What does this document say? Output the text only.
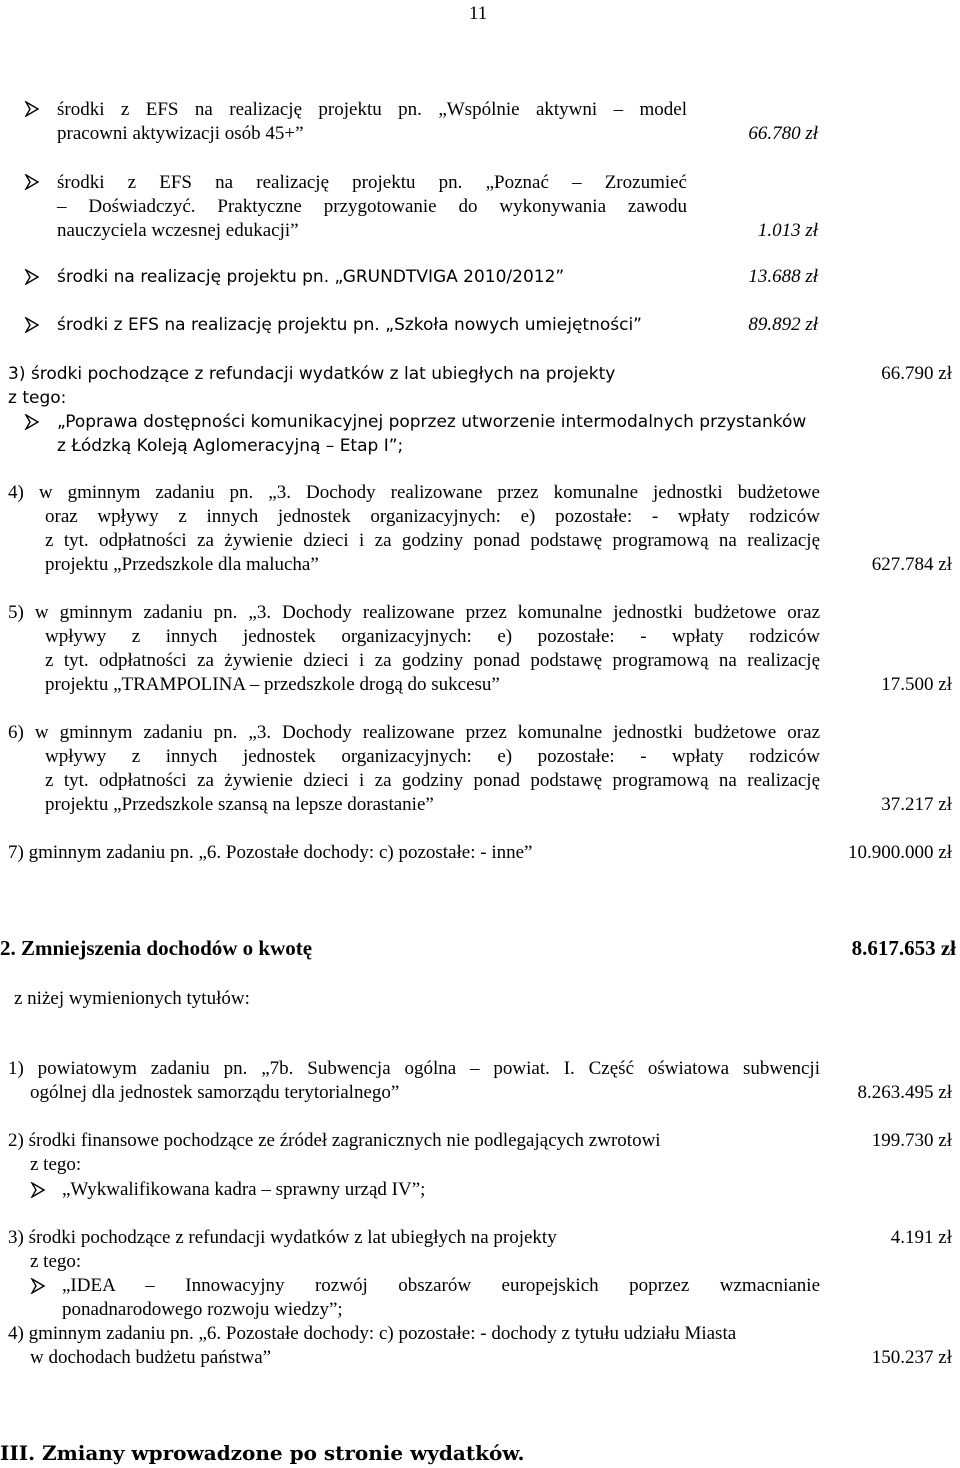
11
środki z EFS na realizację projektu pn. „Wspólnie aktywni – model
pracowni aktywizacji osób 45+”	66.780 zł
środki z EFS na realizację projektu pn. „Poznać – Zrozumieć
– Doświadczyć. Praktyczne przygotowanie do wykonywania zawodu
nauczyciela wczesnej edukacji”	1.013 zł
środki na realizację projektu pn. „GRUNDTVIGA 2010/2012”	13.688 zł
środki z EFS na realizację projektu pn. „Szkoła nowych umiejętności”	89.892 zł
3) środki pochodzące z refundacji wydatków z lat ubiegłych na projekty	66.790 zł
z tego:
„Poprawa dostępności komunikacyjnej poprzez utworzenie intermodalnych przystanków
z Łódzką Koleją Aglomeracyjną – Etap I”;
4) w gminnym zadaniu pn. „3. Dochody realizowane przez komunalne jednostki budżetowe
oraz wpływy z innych jednostek organizacyjnych: e) pozostałe: - wpłaty rodziców
z tyt. odpłatności za żywienie dzieci i za godziny ponad podstawę programową na realizację
projektu „Przedszkole dla malucha”	627.784 zł
5) w gminnym zadaniu pn. „3. Dochody realizowane przez komunalne jednostki budżetowe oraz
wpływy z innych jednostek organizacyjnych: e) pozostałe: - wpłaty rodziców
z tyt. odpłatności za żywienie dzieci i za godziny ponad podstawę programową na realizację
projektu „TRAMPOLINA – przedszkole drogą do sukcesu”	17.500 zł
6) w gminnym zadaniu pn. „3. Dochody realizowane przez komunalne jednostki budżetowe oraz
wpływy z innych jednostek organizacyjnych: e) pozostałe: - wpłaty rodziców
z tyt. odpłatności za żywienie dzieci i za godziny ponad podstawę programową na realizację
projektu „Przedszkole szansą na lepsze dorastanie”	37.217 zł
7) gminnym zadaniu pn. „6. Pozostałe dochody: c) pozostałe: - inne”	10.900.000 zł
2. Zmniejszenia dochodów o kwotę	8.617.653 zł
z niżej wymienionych tytułów:
1) powiatowym zadaniu pn. „7b. Subwencja ogólna – powiat. I. Część oświatowa subwencji
ogólnej dla jednostek samorządu terytorialnego”	8.263.495 zł
2) środki finansowe pochodzące ze źródeł zagranicznych nie podlegających zwrotowi	199.730 zł
z tego:
„Wykwalifikowana kadra – sprawny urząd IV”;
3) środki pochodzące z refundacji wydatków z lat ubiegłych na projekty	4.191 zł
z tego:
„IDEA – Innowacyjny rozwój obszarów europejskich poprzez wzmacnianie
ponadnarodowego rozwoju wiedzy”;
4) gminnym zadaniu pn. „6. Pozostałe dochody: c) pozostałe: - dochody z tytułu udziału Miasta
w dochodach budżetu państwa”	150.237 zł
III. Zmiany wprowadzone po stronie wydatków.
